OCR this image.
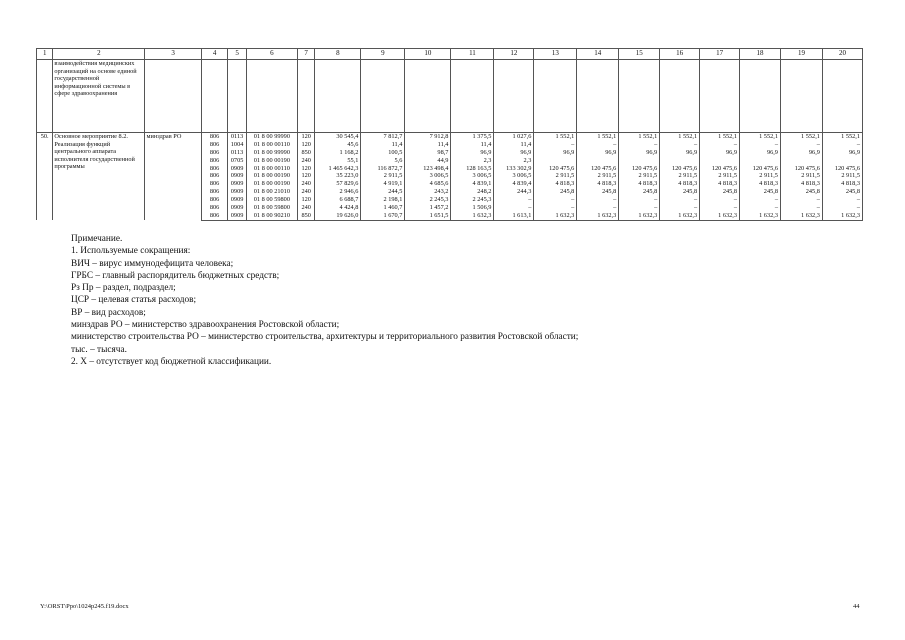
1	2	3	4	5	6	7	8	9	10	11	12	13	14	15	16	17	18	19	20
	взаимодействия медицинских организаций на основе единой государственной информационной системы в сфере здравоохранения																		
50.	Основное мероприятие 8.2. Реализация функций центрального аппарата исполнителя государственной программы	минздрав РО	806	0113	01 8 00 99990	120	30 545,4	7 812,7	7 912,8	1 375,5	1 027,6	1 552,1	1 552,1	1 552,1	1 552,1	1 552,1	1 552,1	1 552,1	1 552,1
			806	1004	01 8 00 00110	120	45,6	11,4	11,4	11,4	11,4	–	–	–	–	–	–	–	–
			806	0113	01 8 00 99990	850	1 168,2	100,5	98,7	96,9	96,9	96,9	96,9	96,9	96,9	96,9	96,9	96,9	96,9
			806	0705	01 8 00 00190	240	55,1	5,6	44,9	2,3	2,3								
			806	0909	01 8 00 00110	120	1 465 642,3	116 872,7	123 498,4	128 163,5	133 302,9	120 475,6	120 475,6	120 475,6	120 475,6	120 475,6	120 475,6	120 475,6	120 475,6
			806	0909	01 8 00 00190	120	35 223,0	2 911,5	3 006,5	3 006,5	3 006,5	2 911,5	2 911,5	2 911,5	2 911,5	2 911,5	2 911,5	2 911,5	2 911,5
			806	0909	01 8 00 00190	240	57 829,6	4 919,1	4 685,6	4 839,1	4 839,4	4 818,3	4 818,3	4 818,3	4 818,3	4 818,3	4 818,3	4 818,3	4 818,3
			806	0909	01 8 00 21010	240	2 946,6	244,5	243,2	248,2	244,3	245,8	245,8	245,8	245,8	245,8	245,8	245,8	245,8
			806	0909	01 8 00 59800	120	6 688,7	2 198,1	2 245,3	2 245,3	–	–	–	–	–	–	–	–	–
			806	0909	01 8 00 59800	240	4 424,8	1 460,7	1 457,2	1 506,9	–	–	–	–	–	–	–	–	–
			806	0909	01 8 00 90210	850	19 626,0	1 670,7	1 651,5	1 632,3	1 613,1	1 632,3	1 632,3	1 632,3	1 632,3	1 632,3	1 632,3	1 632,3	1 632,3
Примечание.
1. Используемые сокращения:
ВИЧ – вирус иммунодефицита человека;
ГРБС – главный распорядитель бюджетных средств;
Рз Пр – раздел, подраздел;
ЦСР – целевая статья расходов;
ВР – вид расходов;
минздрав РО – министерство здравоохранения Ростовской области;
министерство строительства РО – министерство строительства, архитектуры и территориального развития Ростовской области;
тыс. – тысяча.
2. Х – отсутствует код бюджетной классификации.
Y:\ORST\Ppo\1024p245.f19.docx	44
